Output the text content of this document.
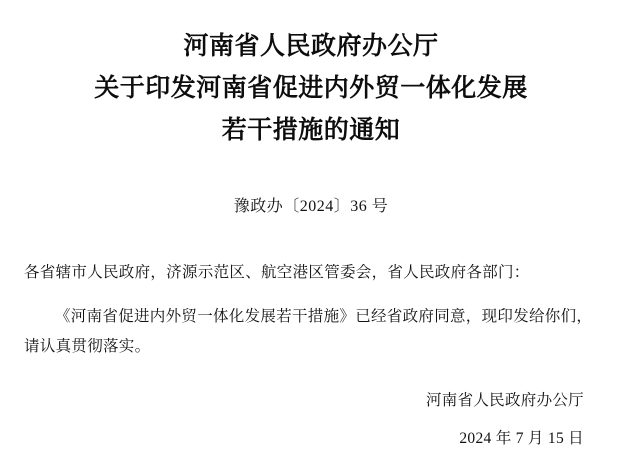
河南省人民政府办公厅
关于印发河南省促进内外贸一体化发展
若干措施的通知
豫政办〔2024〕36 号

各省辖市人民政府，济源示范区、航空港区管委会，省人民政府各部门：

《河南省促进内外贸一体化发展若干措施》已经省政府同意，现印发给你们，请认真贯彻落实。

河南省人民政府办公厅
2024 年 7 月 15 日
